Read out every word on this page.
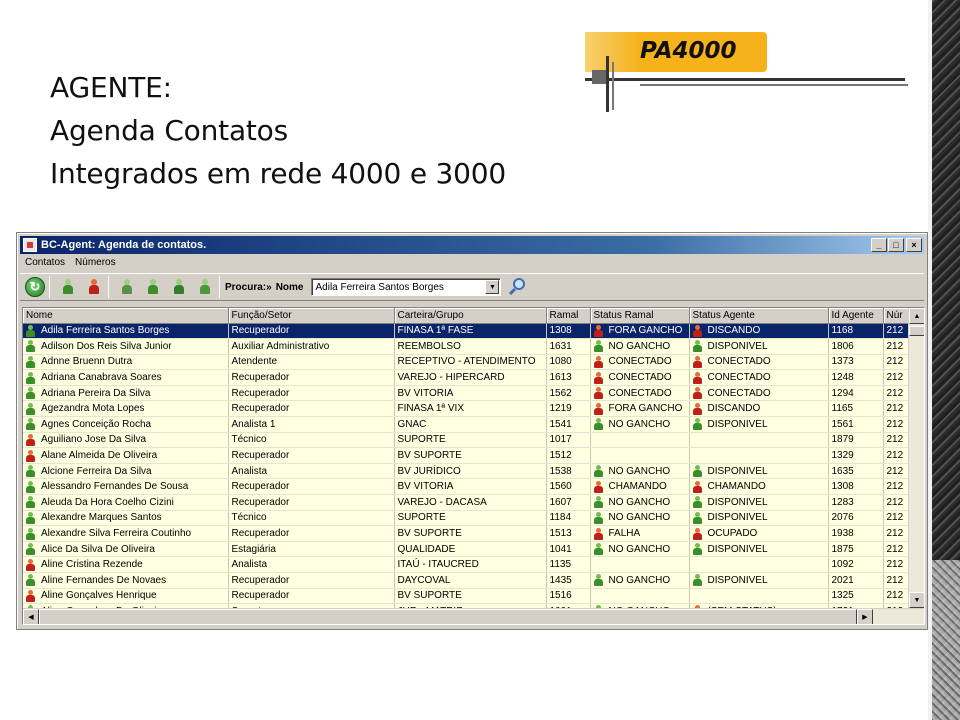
AGENTE:
Agenda Contatos
Integrados em rede 4000 e 3000
PA4000
BC-Agent: Agenda de contatos.	_	□	×
Contatos	Números
↻	Procura:» Nome Adila Ferreira Santos Borges	▼
Nome	Função/Setor	Carteira/Grupo	Ramal	Status Ramal	Status Agente	Id Agente	Núr

Adila Ferreira Santos Borges	Recuperador	FINASA 1ª FASE	1308	FORA GANCHO	DISCANDO	1168	212

Adilson Dos Reis Silva Junior	Auxiliar Administrativo	REEMBOLSO	1631	NO GANCHO	DISPONIVEL	1806	212

Adnne Bruenn Dutra	Atendente	RECEPTIVO - ATENDIMENTO	1080	CONECTADO	CONECTADO	1373	212

Adriana Canabrava Soares	Recuperador	VAREJO - HIPERCARD	1613	CONECTADO	CONECTADO	1248	212

Adriana Pereira Da Silva	Recuperador	BV VITORIA	1562	CONECTADO	CONECTADO	1294	212

Agezandra Mota Lopes	Recuperador	FINASA 1ª VIX	1219	FORA GANCHO	DISCANDO	1165	212

Agnes Conceição Rocha	Analista 1	GNAC	1541	NO GANCHO	DISPONIVEL	1561	212

Aguiliano Jose Da Silva	Técnico	SUPORTE	1017			1879	212

Alane Almeida De Oliveira	Recuperador	BV SUPORTE	1512			1329	212

Alcione Ferreira Da Silva	Analista	BV JURÍDICO	1538	NO GANCHO	DISPONIVEL	1635	212

Alessandro Fernandes De Sousa	Recuperador	BV VITORIA	1560	CHAMANDO	CHAMANDO	1308	212

Aleuda Da Hora Coelho Cizini	Recuperador	VAREJO - DACASA	1607	NO GANCHO	DISPONIVEL	1283	212

Alexandre Marques Santos	Técnico	SUPORTE	1184	NO GANCHO	DISPONIVEL	2076	212

Alexandre Silva Ferreira Coutinho	Recuperador	BV SUPORTE	1513	FALHA	OCUPADO	1938	212

Alice Da Silva De Oliveira	Estagiária	QUALIDADE	1041	NO GANCHO	DISPONIVEL	1875	212

Aline Cristina Rezende	Analista	ITAÚ - ITAUCRED	1135			1092	212

Aline Fernandes De Novaes	Recuperador	DAYCOVAL	1435	NO GANCHO	DISPONIVEL	2021	212

Aline Gonçalves Henrique	Recuperador	BV SUPORTE	1516			1325	212

▲
▼
◀	▶
